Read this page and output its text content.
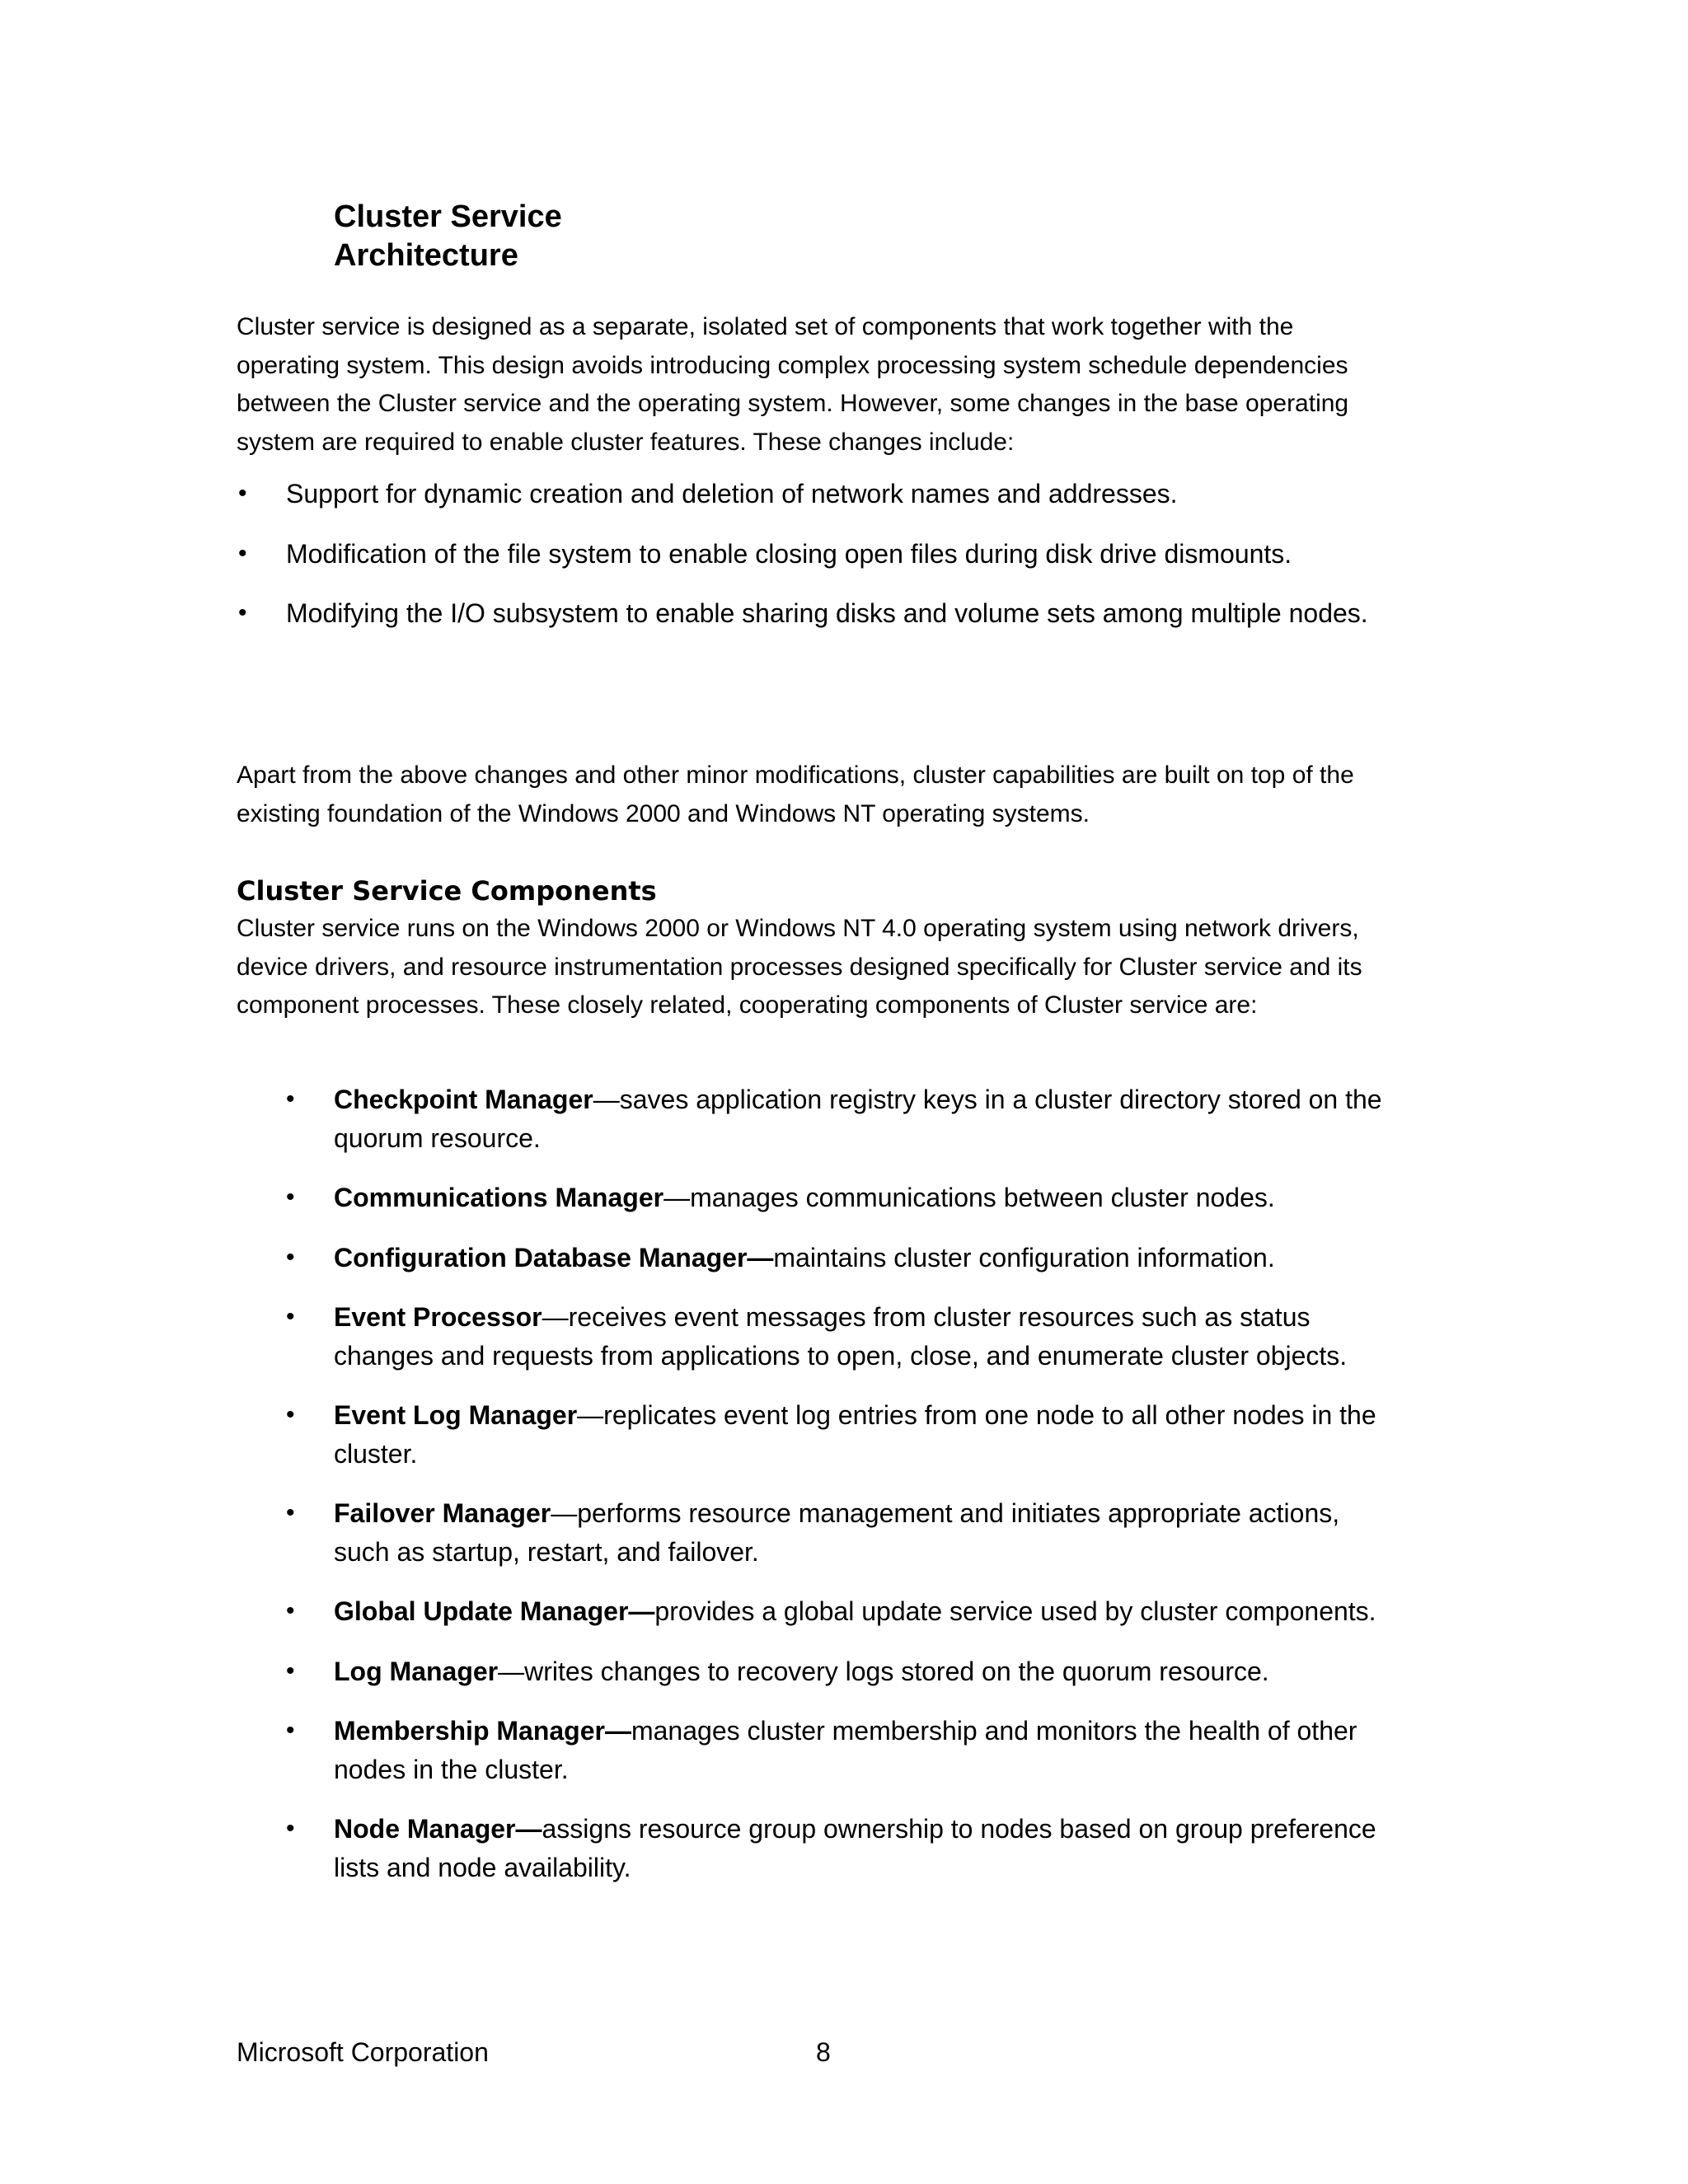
Cluster Service
Architecture

Cluster service is designed as a separate, isolated set of components that work together with the operating system. This design avoids introducing complex processing system schedule dependencies between the Cluster service and the operating system. However, some changes in the base operating system are required to enable cluster features. These changes include:

• Support for dynamic creation and deletion of network names and addresses.
• Modification of the file system to enable closing open files during disk drive dismounts.
• Modifying the I/O subsystem to enable sharing disks and volume sets among multiple nodes.

Apart from the above changes and other minor modifications, cluster capabilities are built on top of the existing foundation of the Windows 2000 and Windows NT operating systems.

Cluster Service Components

Cluster service runs on the Windows 2000 or Windows NT 4.0 operating system using network drivers, device drivers, and resource instrumentation processes designed specifically for Cluster service and its component processes. These closely related, cooperating components of Cluster service are:

• Checkpoint Manager—saves application registry keys in a cluster directory stored on the quorum resource.
• Communications Manager—manages communications between cluster nodes.
• Configuration Database Manager—maintains cluster configuration information.
• Event Processor—receives event messages from cluster resources such as status changes and requests from applications to open, close, and enumerate cluster objects.
• Event Log Manager—replicates event log entries from one node to all other nodes in the cluster.
• Failover Manager—performs resource management and initiates appropriate actions, such as startup, restart, and failover.
• Global Update Manager—provides a global update service used by cluster components.
• Log Manager—writes changes to recovery logs stored on the quorum resource.
• Membership Manager—manages cluster membership and monitors the health of other nodes in the cluster.
• Node Manager—assigns resource group ownership to nodes based on group preference lists and node availability.
Microsoft Corporation	8
